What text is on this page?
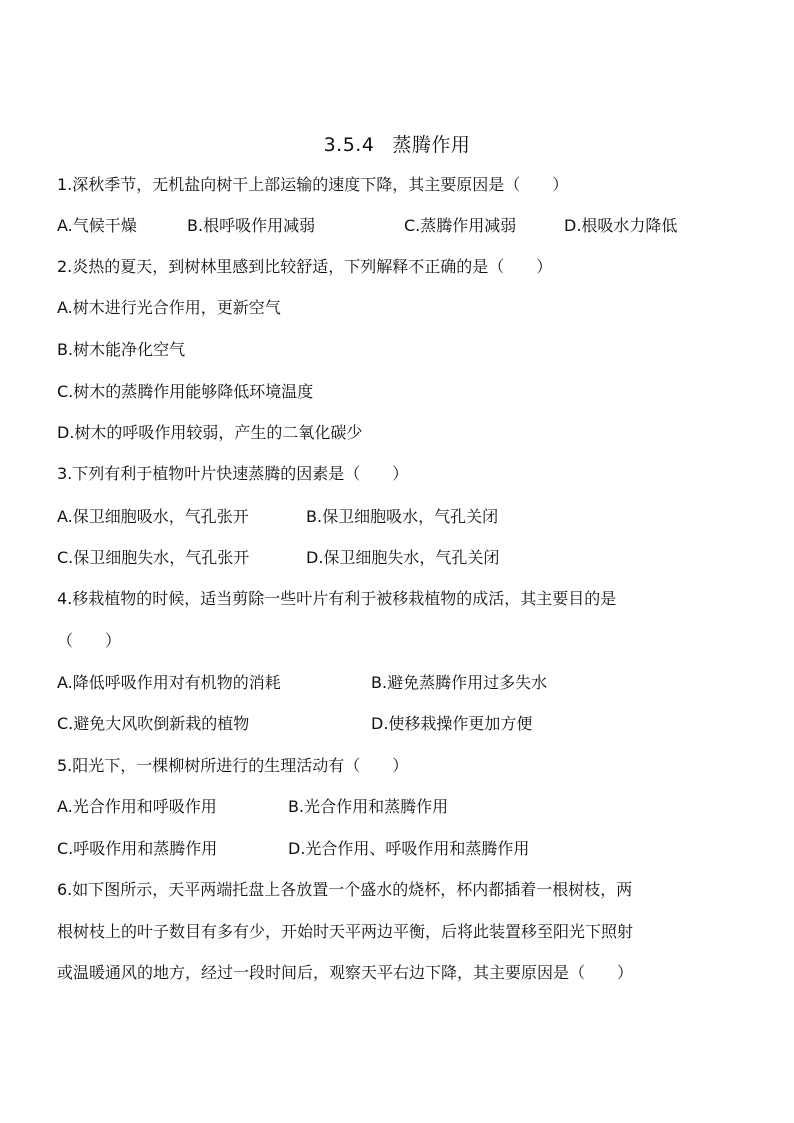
3.5.4 蒸腾作用
1.深秋季节，无机盐向树干上部运输的速度下降，其主要原因是（　　）
A.气候干燥	B.根呼吸作用减弱	C.蒸腾作用减弱	D.根吸水力降低
2.炎热的夏天，到树林里感到比较舒适，下列解释不正确的是（　　）
A.树木进行光合作用，更新空气
B.树木能净化空气
C.树木的蒸腾作用能够降低环境温度
D.树木的呼吸作用较弱，产生的二氧化碳少
3.下列有利于植物叶片快速蒸腾的因素是（　　）
A.保卫细胞吸水，气孔张开	B.保卫细胞吸水，气孔关闭
C.保卫细胞失水，气孔张开	D.保卫细胞失水，气孔关闭
4.移栽植物的时候，适当剪除一些叶片有利于被移栽植物的成活，其主要目的是
（　　）
A.降低呼吸作用对有机物的消耗	B.避免蒸腾作用过多失水
C.避免大风吹倒新栽的植物	D.使移栽操作更加方便
5.阳光下，一棵柳树所进行的生理活动有（　　）
A.光合作用和呼吸作用	B.光合作用和蒸腾作用
C.呼吸作用和蒸腾作用	D.光合作用、呼吸作用和蒸腾作用
6.如下图所示，天平两端托盘上各放置一个盛水的烧杯，杯内都插着一根树枝，两
根树枝上的叶子数目有多有少，开始时天平两边平衡，后将此装置移至阳光下照射
或温暖通风的地方，经过一段时间后，观察天平右边下降，其主要原因是（　　）
